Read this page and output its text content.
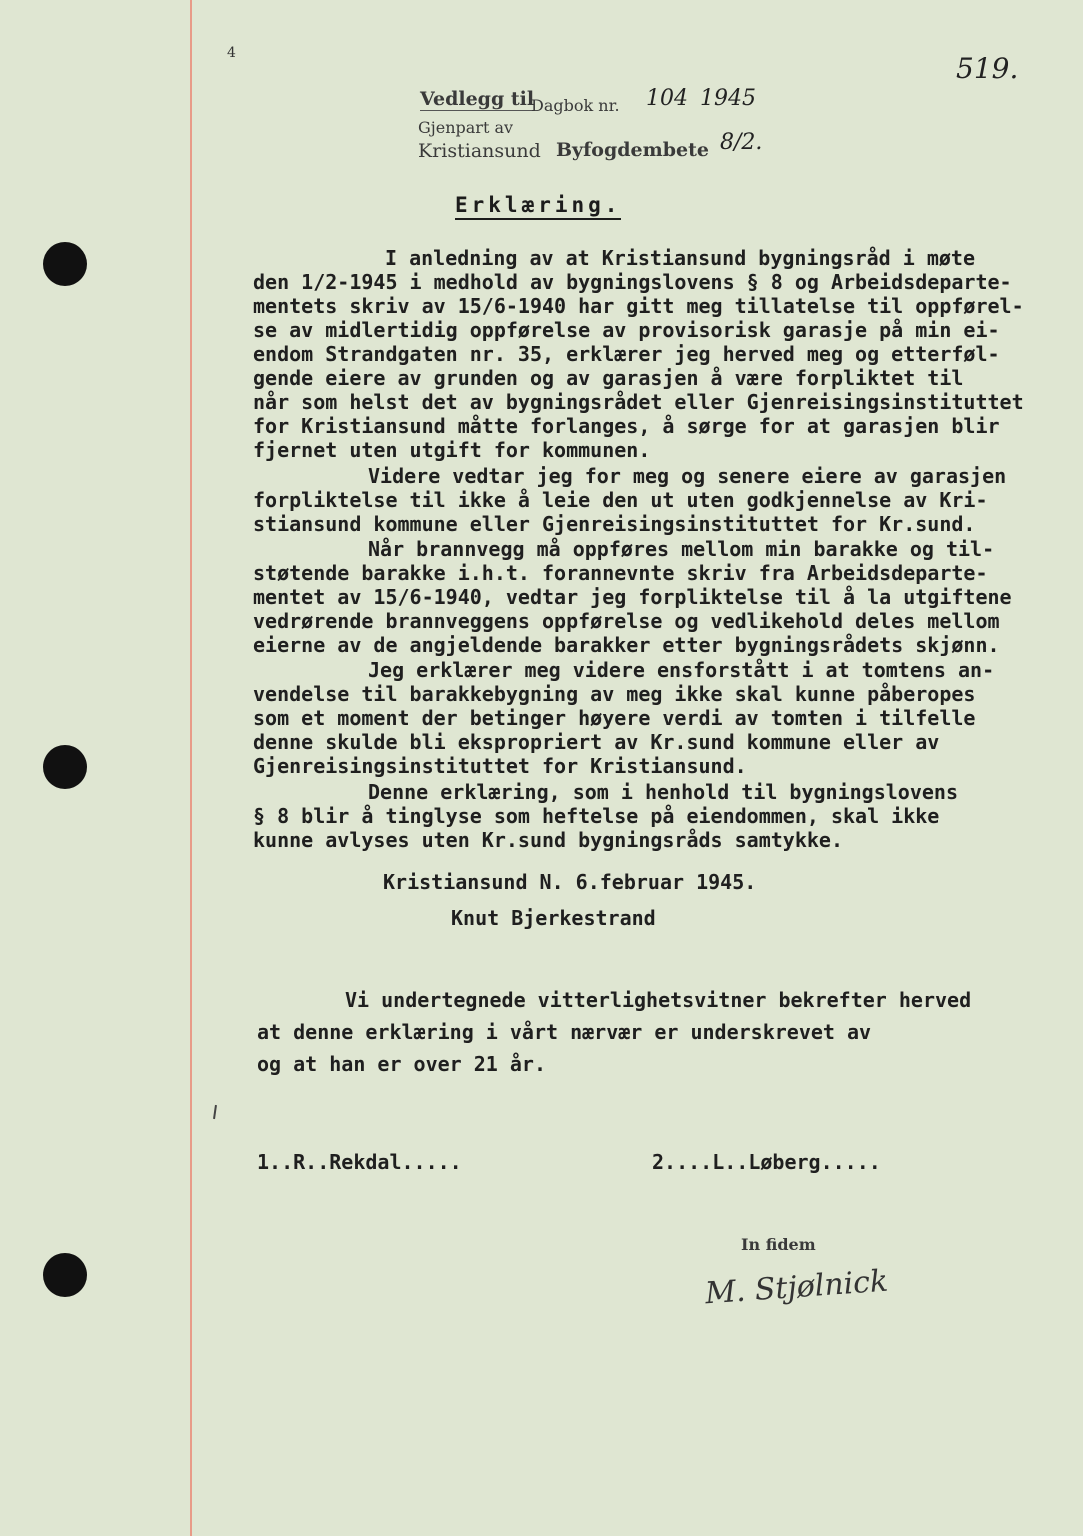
4	519.
Vedlegg til
Dagbok nr. 104 1945
Gjenpart av
Kristiansund Byfogdembete 8/2.
Erklæring.
I anledning av at Kristiansund bygningsråd i møte
den 1/2-1945 i medhold av bygningslovens § 8 og Arbeidsdeparte-
mentets skriv av 15/6-1940 har gitt meg tillatelse til oppførel-
se av midlertidig oppførelse av provisorisk garasje på min ei-
endom Strandgaten nr. 35, erklærer jeg herved meg og etterføl-
gende eiere av grunden og av garasjen å være forpliktet til
når som helst det av bygningsrådet eller Gjenreisingsinstituttet
for Kristiansund måtte forlanges, å sørge for at garasjen blir
fjernet uten utgift for kommunen.
Videre vedtar jeg for meg og senere eiere av garasjen
forpliktelse til ikke å leie den ut uten godkjennelse av Kri-
stiansund kommune eller Gjenreisingsinstituttet for Kr.sund.
Når brannvegg må oppføres mellom min barakke og til-
støtende barakke i.h.t. forannevnte skriv fra Arbeidsdeparte-
mentet av 15/6-1940, vedtar jeg forpliktelse til å la utgiftene
vedrørende brannveggens oppførelse og vedlikehold deles mellom
eierne av de angjeldende barakker etter bygningsrådets skjønn.
Jeg erklærer meg videre ensforstått i at tomtens an-
vendelse til barakkebygning av meg ikke skal kunne påberopes
som et moment der betinger høyere verdi av tomten i tilfelle
denne skulde bli ekspropriert av Kr.sund kommune eller av
Gjenreisingsinstituttet for Kristiansund.
Denne erklæring, som i henhold til bygningslovens
§ 8 blir å tinglyse som heftelse på eiendommen, skal ikke
kunne avlyses uten Kr.sund bygningsråds samtykke.
Kristiansund N. 6.februar 1945.
Knut Bjerkestrand
Vi undertegnede vitterlighetsvitner bekrefter herved
at denne erklæring i vårt nærvær er underskrevet av
og at han er over 21 år.
1..R..Rekdal.....	2....L..Løberg.....
In fidem
M. Stjølnick
